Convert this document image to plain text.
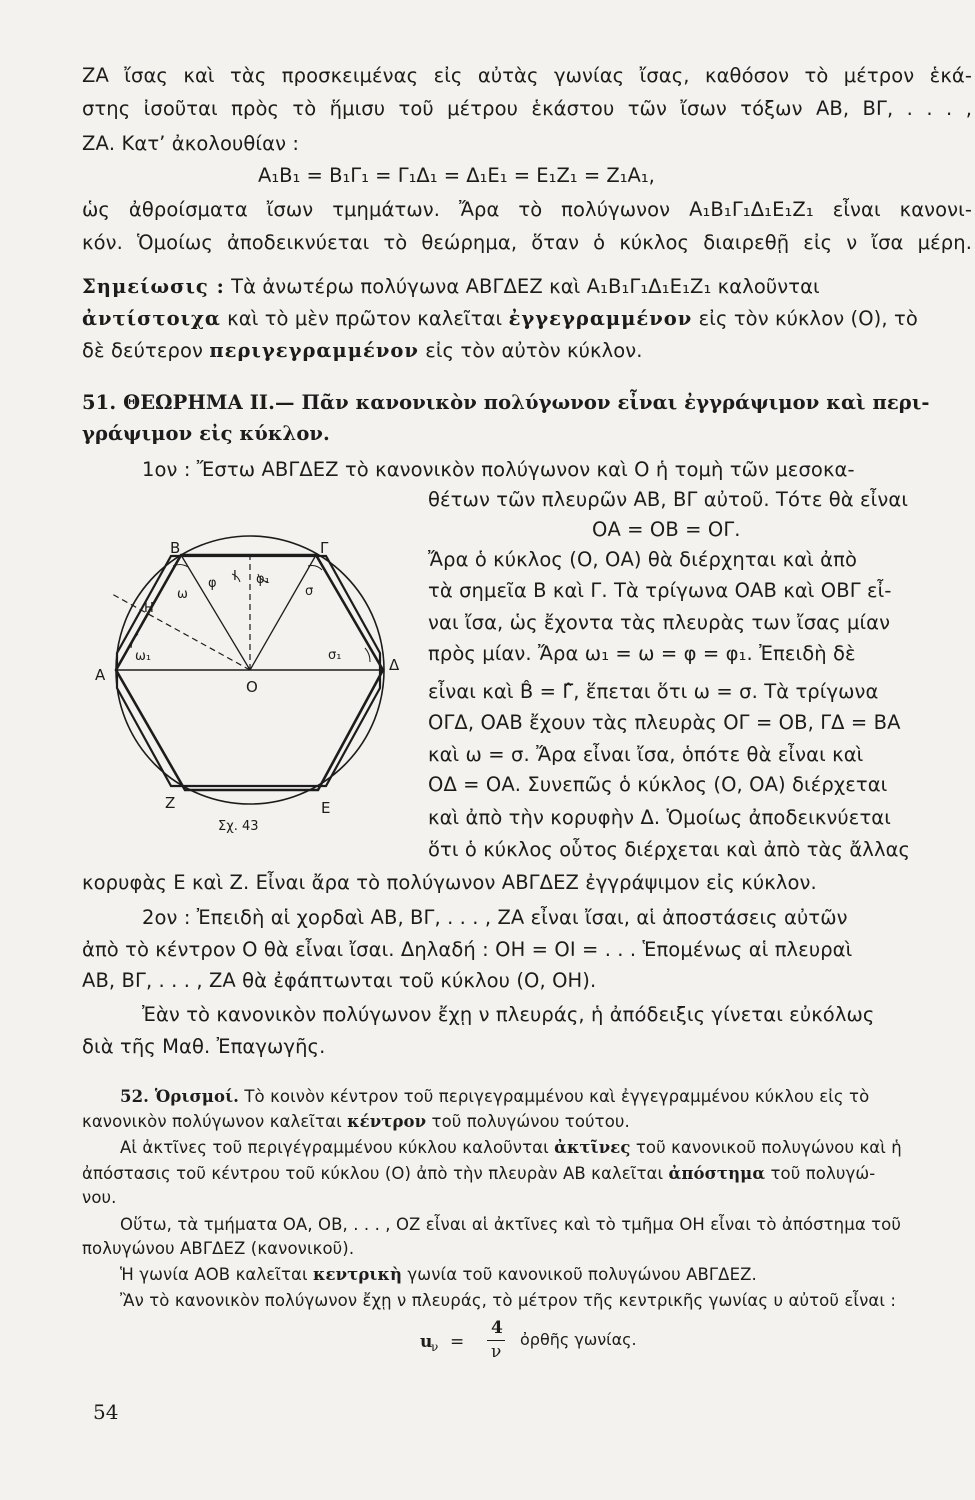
ΖΑ ἴσας καὶ τὰς προσκειμένας εἰς αὐτὰς γωνίας ἴσας, καθόσον τὸ μέτρον ἑκά-
στης ἰσοῦται πρὸς τὸ ἥμισυ τοῦ μέτρου ἑκάστου τῶν ἴσων τόξων ΑΒ, ΒΓ, . . . ,
ΖΑ. Κατ’ ἀκολουθίαν :
Α₁Β₁ = Β₁Γ₁ = Γ₁Δ₁ = Δ₁Ε₁ = Ε₁Ζ₁ = Ζ₁Α₁,
ὡς ἀθροίσματα ἴσων τμημάτων. Ἄρα τὸ πολύγωνον Α₁Β₁Γ₁Δ₁Ε₁Ζ₁ εἶναι κανονι-
κόν. Ὁμοίως ἀποδεικνύεται τὸ θεώρημα, ὅταν ὁ κύκλος διαιρεθῇ εἰς ν ἴσα μέρη.
Σημείωσις : Τὰ ἀνωτέρω πολύγωνα ΑΒΓΔΕΖ καὶ Α₁Β₁Γ₁Δ₁Ε₁Ζ₁ καλοῦνται
ἀντίστοιχα καὶ τὸ μὲν πρῶτον καλεῖται ἐγγεγραμμένον εἰς τὸν κύκλον (Ο), τὸ
δὲ δεύτερον περιγεγραμμένον εἰς τὸν αὐτὸν κύκλον.
51. ΘΕΩΡΗΜΑ ΙΙ.— Πᾶν κανονικὸν πολύγωνον εἶναι ἐγγράψιμον καὶ περι-
γράψιμον εἰς κύκλον.
1ον : Ἔστω ΑΒΓΔΕΖ τὸ κανονικὸν πολύγωνον καὶ Ο ἡ τομὴ τῶν μεσοκα-
θέτων τῶν πλευρῶν ΑΒ, ΒΓ αὐτοῦ. Τότε θὰ εἶναι
ΟΑ = ΟΒ = ΟΓ.
Ἄρα ὁ κύκλος (Ο, ΟΑ) θὰ διέρχηται καὶ ἀπὸ
τὰ σημεῖα Β καὶ Γ. Τὰ τρίγωνα ΟΑΒ καὶ ΟΒΓ εἶ-
ναι ἴσα, ὡς ἔχοντα τὰς πλευρὰς των ἴσας μίαν
πρὸς μίαν. Ἄρα ω₁ = ω = φ = φ₁. Ἐπειδὴ δὲ
εἶναι καὶ B̂ = Γ̂, ἕπεται ὅτι ω = σ. Τὰ τρίγωνα
ΟΓΔ, ΟΑΒ ἔχουν τὰς πλευρὰς ΟΓ = ΟΒ, ΓΔ = ΒΑ
καὶ ω = σ. Ἄρα εἶναι ἴσα, ὁπότε θὰ εἶναι καὶ
ΟΔ = ΟΑ. Συνεπῶς ὁ κύκλος (Ο, ΟΑ) διέρχεται
καὶ ἀπὸ τὴν κορυφὴν Δ. Ὁμοίως ἀποδεικνύεται
ὅτι ὁ κύκλος οὗτος διέρχεται καὶ ἀπὸ τὰς ἄλλας
κορυφὰς Ε καὶ Ζ. Εἶναι ἄρα τὸ πολύγωνον ΑΒΓΔΕΖ ἐγγράψιμον εἰς κύκλον.
2ον : Ἐπειδὴ αἱ χορδαὶ ΑΒ, ΒΓ, . . . , ΖΑ εἶναι ἴσαι, αἱ ἀποστάσεις αὐτῶν
ἀπὸ τὸ κέντρον Ο θὰ εἶναι ἴσαι. Δηλαδή : ΟΗ = ΟΙ = . . . Ἑπομένως αἱ πλευραὶ
ΑΒ, ΒΓ, . . . , ΖΑ θὰ ἐφάπτωνται τοῦ κύκλου (Ο, ΟΗ).
Ἐὰν τὸ κανονικὸν πολύγωνον ἔχῃ ν πλευράς, ἡ ἀπόδειξις γίνεται εὐκόλως
διὰ τῆς Μαθ. Ἐπαγωγῆς.
52. Ὁρισμοί. Τὸ κοινὸν κέντρον τοῦ περιγεγραμμένου καὶ ἐγγεγραμμένου κύκλου εἰς τὸ
κανονικὸν πολύγωνον καλεῖται κέντρον τοῦ πολυγώνου τούτου.
Αἱ ἀκτῖνες τοῦ περιγέγραμμένου κύκλου καλοῦνται ἀκτῖνες τοῦ κανονικοῦ πολυγώνου καὶ ἡ
ἀπόστασις τοῦ κέντρου τοῦ κύκλου (Ο) ἀπὸ τὴν πλευρὰν ΑΒ καλεῖται ἀπόστημα τοῦ πολυγώ-
νου.
Οὕτω, τὰ τμήματα ΟΑ, ΟΒ, . . . , ΟΖ εἶναι αἱ ἀκτῖνες καὶ τὸ τμῆμα ΟΗ εἶναι τὸ ἀπόστημα τοῦ
πολυγώνου ΑΒΓΔΕΖ (κανονικοῦ).
Ἡ γωνία ΑΟΒ καλεῖται κεντρικὴ γωνία τοῦ κανονικοῦ πολυγώνου ΑΒΓΔΕΖ.
Ἂν τὸ κανονικὸν πολύγωνον ἔχῃ ν πλευράς, τὸ μέτρον τῆς κεντρικῆς γωνίας υ αὐτοῦ εἶναι :
u
ν =
4
ν
ὀρθῆς γωνίας.
Α
Β	Γ
Δ
Ε
Ζ
Ο
Η
Ι
φ	φ₁
ω
ω₁
σ
σ₁
Σχ. 43
54
